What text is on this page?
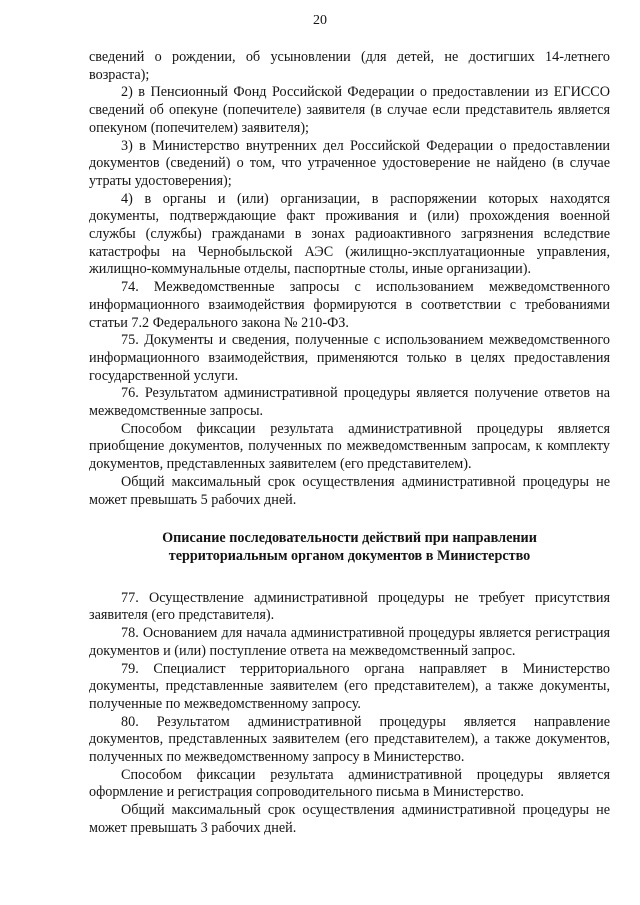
20

сведений о рождении, об усыновлении (для детей, не достигших 14-летнего возраста);

2) в Пенсионный Фонд Российской Федерации о предоставлении из ЕГИССО сведений об опекуне (попечителе) заявителя (в случае если представитель является опекуном (попечителем) заявителя);

3) в Министерство внутренних дел Российской Федерации о предоставлении документов (сведений) о том, что утраченное удостоверение не найдено (в случае утраты удостоверения);

4) в органы и (или) организации, в распоряжении которых находятся документы, подтверждающие факт проживания и (или) прохождения военной службы (службы) гражданами в зонах радиоактивного загрязнения вследствие катастрофы на Чернобыльской АЭС (жилищно-эксплуатационные управления, жилищно-коммунальные отделы, паспортные столы, иные организации).

74. Межведомственные запросы с использованием межведомственного информационного взаимодействия формируются в соответствии с требованиями статьи 7.2 Федерального закона № 210-ФЗ.

75. Документы и сведения, полученные с использованием межведомственного информационного взаимодействия, применяются только в целях предоставления государственной услуги.

76. Результатом административной процедуры является получение ответов на межведомственные запросы.

Способом фиксации результата административной процедуры является приобщение документов, полученных по межведомственным запросам, к комплекту документов, представленных заявителем (его представителем).

Общий максимальный срок осуществления административной процедуры не может превышать 5 рабочих дней.

Описание последовательности действий при направлении территориальным органом документов в Министерство

77. Осуществление административной процедуры не требует присутствия заявителя (его представителя).

78. Основанием для начала административной процедуры является регистрация документов и (или) поступление ответа на межведомственный запрос.

79. Специалист территориального органа направляет в Министерство документы, представленные заявителем (его представителем), а также документы, полученные по межведомственному запросу.

80. Результатом административной процедуры является направление документов, представленных заявителем (его представителем), а также документов, полученных по межведомственному запросу в Министерство.

Способом фиксации результата административной процедуры является оформление и регистрация сопроводительного письма в Министерство.

Общий максимальный срок осуществления административной процедуры не может превышать 3 рабочих дней.
